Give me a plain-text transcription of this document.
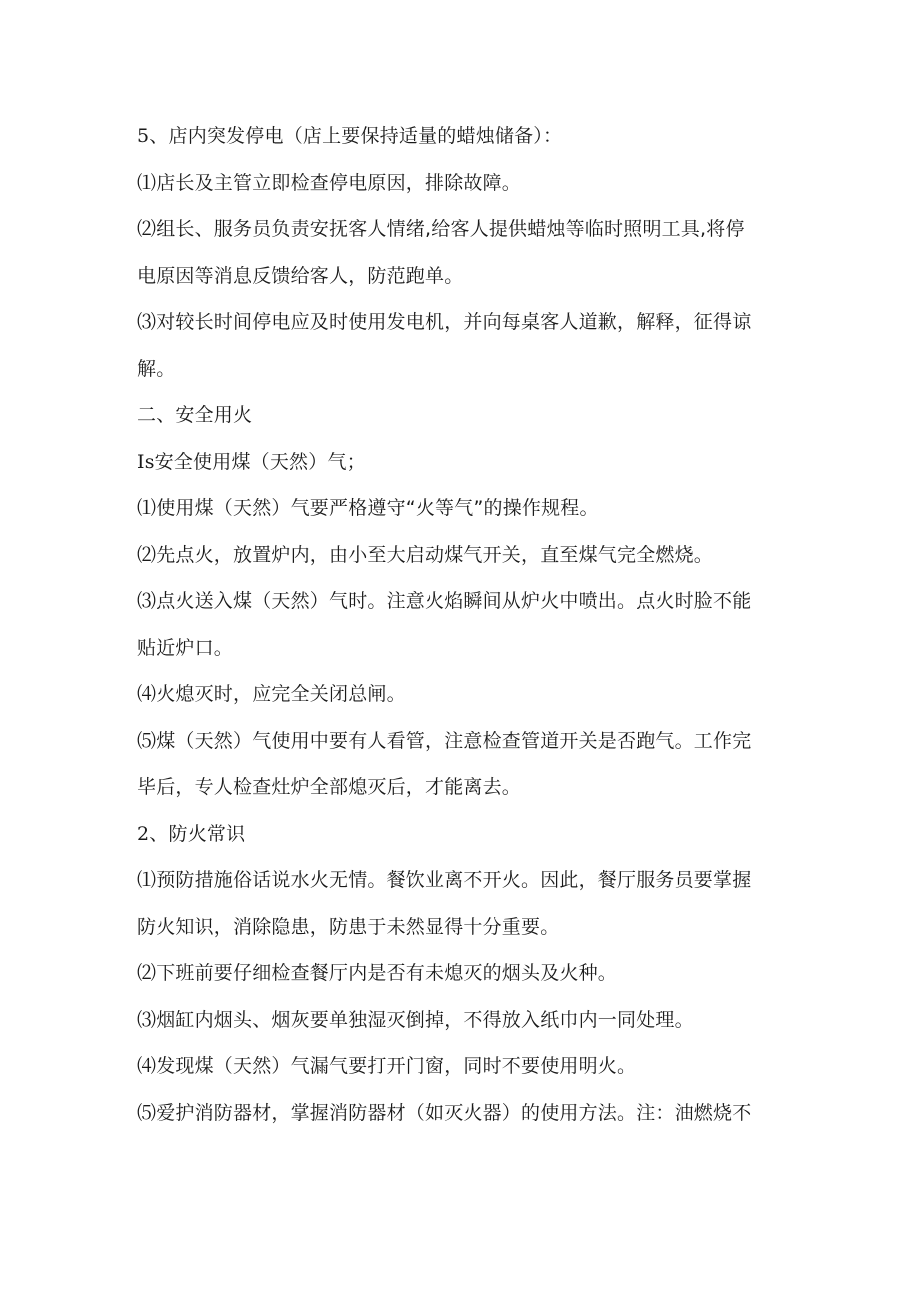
5、店内突发停电（店上要保持适量的蜡烛储备）：
⑴店长及主管立即检查停电原因，排除故障。
⑵组长、服务员负责安抚客人情绪,给客人提供蜡烛等临时照明工具,将停
电原因等消息反馈给客人，防范跑单。
⑶对较长时间停电应及时使用发电机，并向每桌客人道歉，解释，征得谅
解。
二、安全用火
Is安全使用煤（天然）气；
⑴使用煤（天然）气要严格遵守“火等气”的操作规程。
⑵先点火，放置炉内，由小至大启动煤气开关，直至煤气完全燃烧。
⑶点火送入煤（天然）气时。注意火焰瞬间从炉火中喷出。点火时脸不能
贴近炉口。
⑷火熄灭时，应完全关闭总闸。
⑸煤（天然）气使用中要有人看管，注意检查管道开关是否跑气。工作完
毕后，专人检查灶炉全部熄灭后，才能离去。
2、防火常识
⑴预防措施俗话说水火无情。餐饮业离不开火。因此，餐厅服务员要掌握
防火知识，消除隐患，防患于未然显得十分重要。
⑵下班前要仔细检查餐厅内是否有未熄灭的烟头及火种。
⑶烟缸内烟头、烟灰要单独湿灭倒掉，不得放入纸巾内一同处理。
⑷发现煤（天然）气漏气要打开门窗，同时不要使用明火。
⑸爱护消防器材，掌握消防器材（如灭火器）的使用方法。注：油燃烧不
